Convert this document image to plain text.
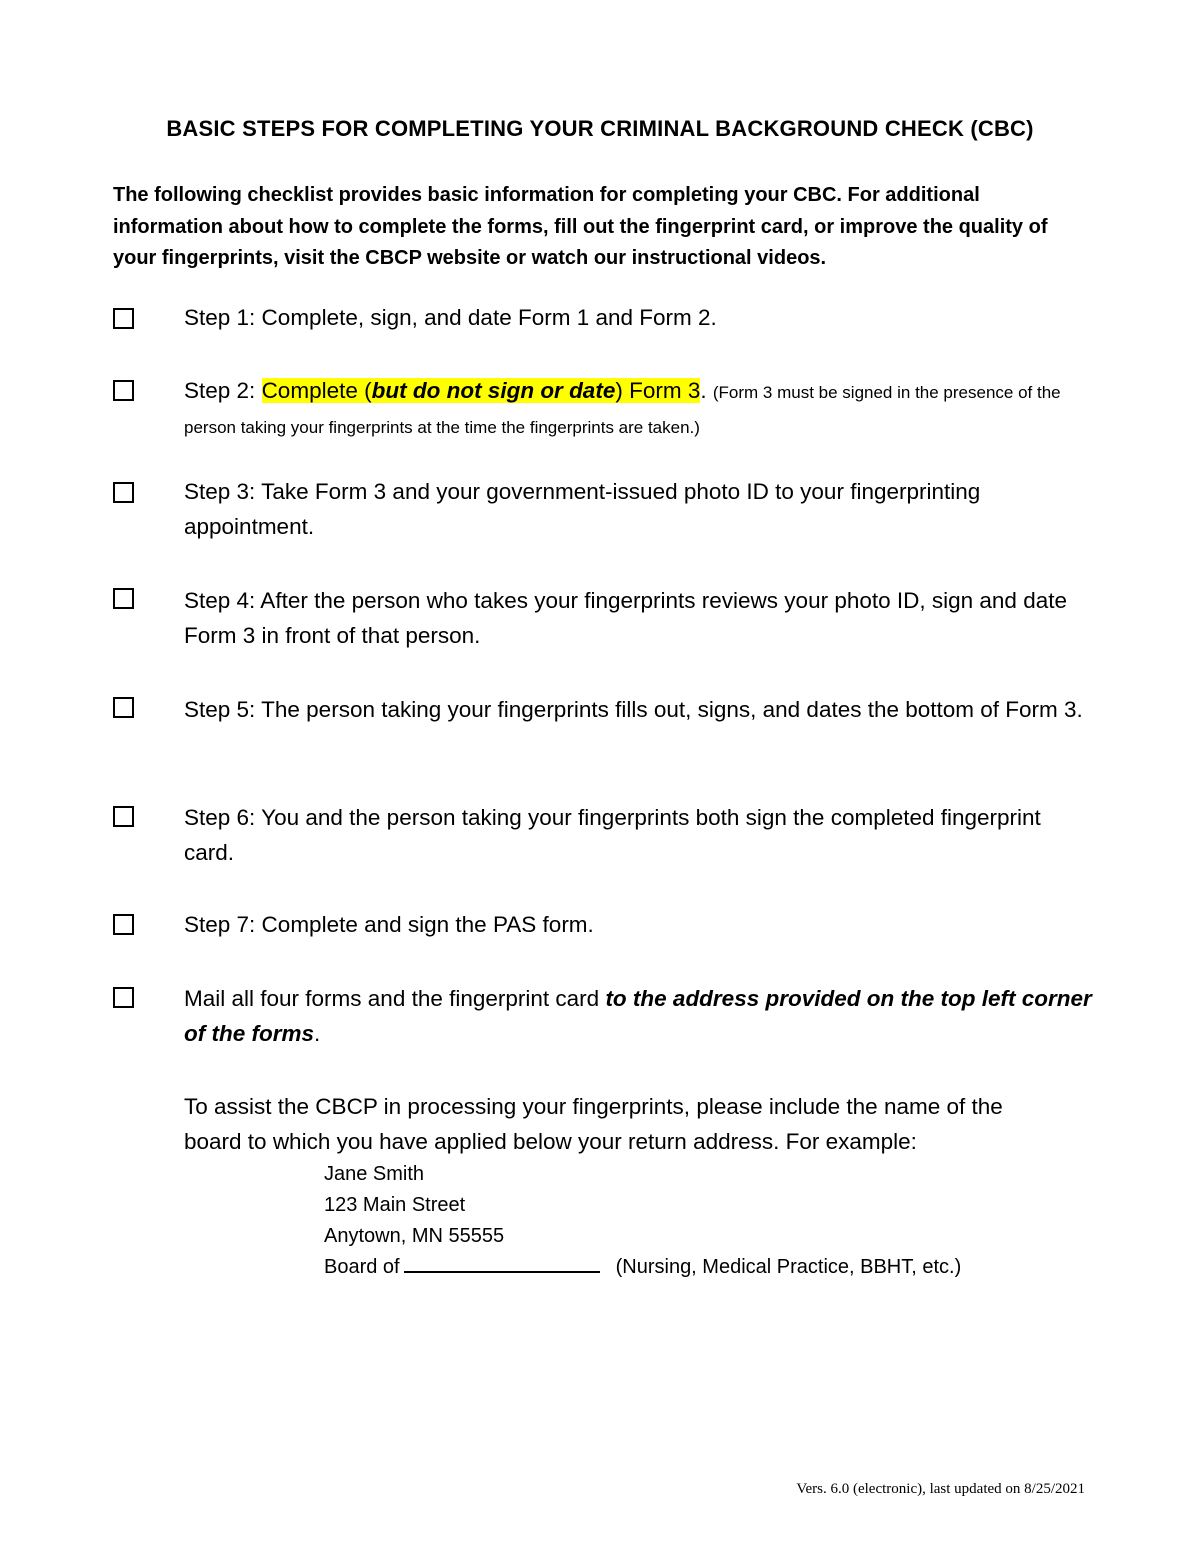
BASIC STEPS FOR COMPLETING YOUR CRIMINAL BACKGROUND CHECK (CBC)
The following checklist provides basic information for completing your CBC. For additional information about how to complete the forms, fill out the fingerprint card, or improve the quality of your fingerprints, visit the CBCP website or watch our instructional videos.
Step 1: Complete, sign, and date Form 1 and Form 2.
Step 2: Complete (but do not sign or date) Form 3. (Form 3 must be signed in the presence of the person taking your fingerprints at the time the fingerprints are taken.)
Step 3: Take Form 3 and your government-issued photo ID to your fingerprinting appointment.
Step 4: After the person who takes your fingerprints reviews your photo ID, sign and date Form 3 in front of that person.
Step 5: The person taking your fingerprints fills out, signs, and dates the bottom of Form 3.
Step 6: You and the person taking your fingerprints both sign the completed fingerprint card.
Step 7: Complete and sign the PAS form.
Mail all four forms and the fingerprint card to the address provided on the top left corner of the forms.
To assist the CBCP in processing your fingerprints, please include the name of the board to which you have applied below your return address. For example:
Jane Smith
123 Main Street
Anytown, MN 55555
Board of	(Nursing, Medical Practice, BBHT, etc.)
Vers. 6.0 (electronic), last updated on 8/25/2021
